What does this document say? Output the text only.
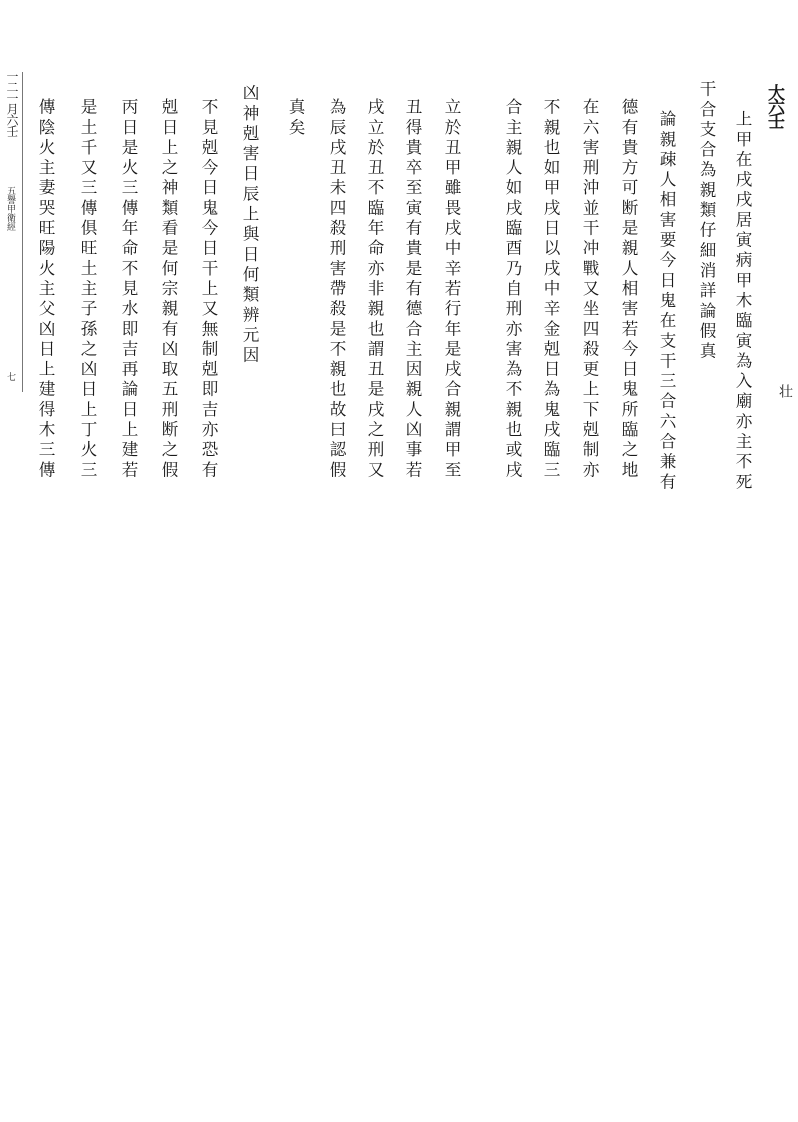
大六壬
壮
上甲在戌戌居寅病甲木臨寅為入廟亦主不死
干合支合為親類仔細消詳論假真
論親疎人相害要今日鬼在支干三合六合兼有
德有貴方可断是親人相害若今日鬼所臨之地
在六害刑沖並干冲戰又坐四殺更上下剋制亦
不親也如甲戌日以戌中辛金剋日為鬼戌臨三
合主親人如戌臨酉乃自刑亦害為不親也或戌
立於丑甲雖畏戌中辛若行年是戌合親謂甲至
丑得貴卒至寅有貴是有德合主因親人凶事若
戌立於丑不臨年命亦非親也謂丑是戌之刑又
為辰戌丑未四殺刑害帶殺是不親也故曰認假
真矣
凶神剋害日辰上與日何類辨元因
不見剋今日鬼今日干上又無制剋即吉亦恐有
剋日上之神類看是何宗親有凶取五刑断之假
丙日是火三傳年命不見水即吉再論日上建若
是土千又三傳俱旺土主子孫之凶日上丁火三
傳陰火主妻哭旺陽火主父凶日上建得木三傳
一二一月六壬
五譽甲衛經
七
